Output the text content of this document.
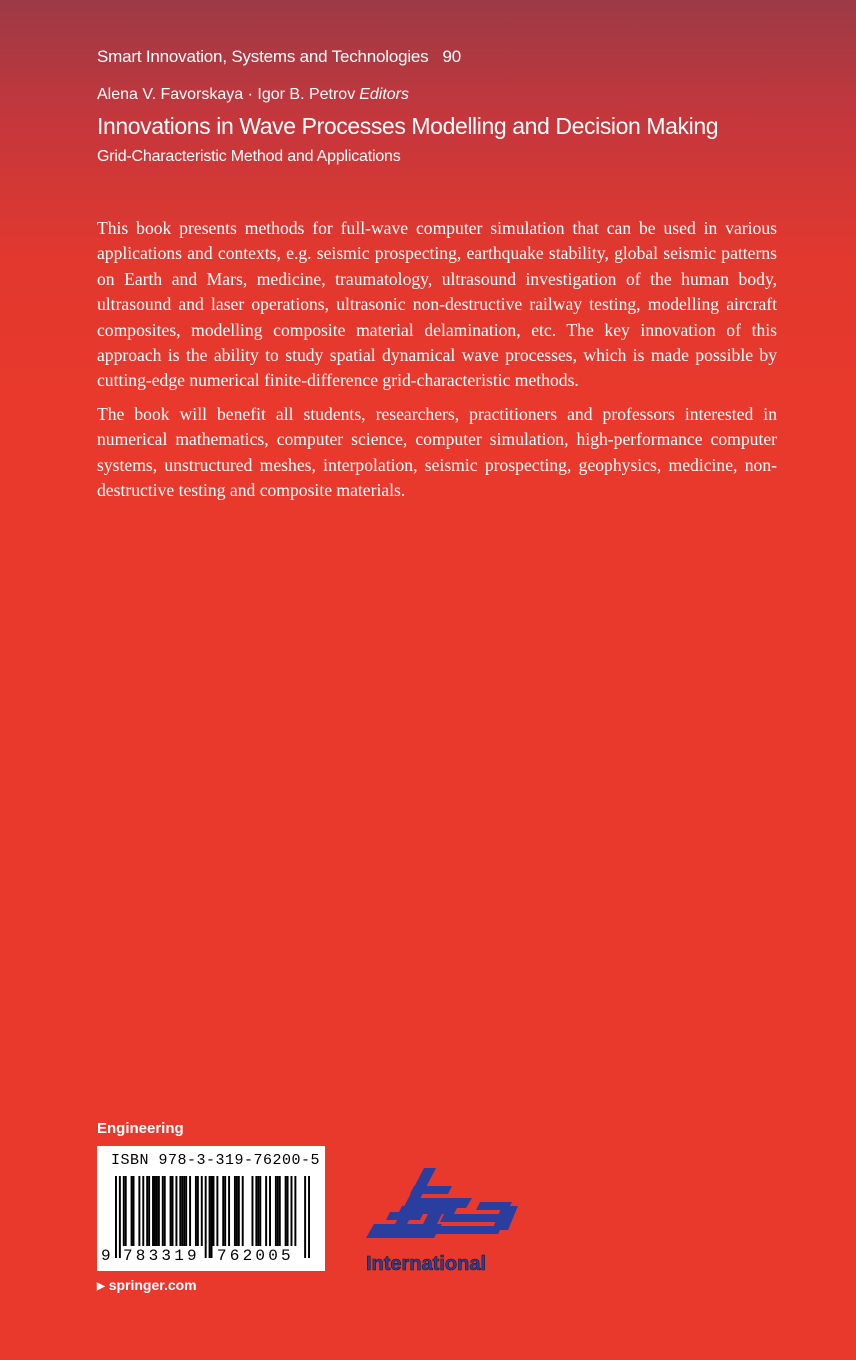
Smart Innovation, Systems and Technologies 90
Alena V. Favorskaya · Igor B. Petrov Editors
Innovations in Wave Processes Modelling and Decision Making
Grid-Characteristic Method and Applications

This book presents methods for full-wave computer simulation that can be used in various applications and contexts, e.g. seismic prospecting, earthquake stability, global seismic patterns on Earth and Mars, medicine, traumatology, ultrasound investigation of the human body, ultrasound and laser operations, ultrasonic non-destructive railway testing, modelling aircraft composites, modelling composite material delamination, etc. The key innovation of this approach is the ability to study spatial dynamical wave processes, which is made possible by cutting-edge numerical finite-difference grid-characteristic methods.

The book will benefit all students, researchers, practitioners and professors interested in numerical mathematics, computer science, computer simulation, high-performance computer systems, unstructured meshes, interpolation, seismic prospecting, geophysics, medicine, non-destructive testing and composite materials.

Engineering
ISBN 978-3-319-76200-5
9 783319 762005
▶ springer.com
International
